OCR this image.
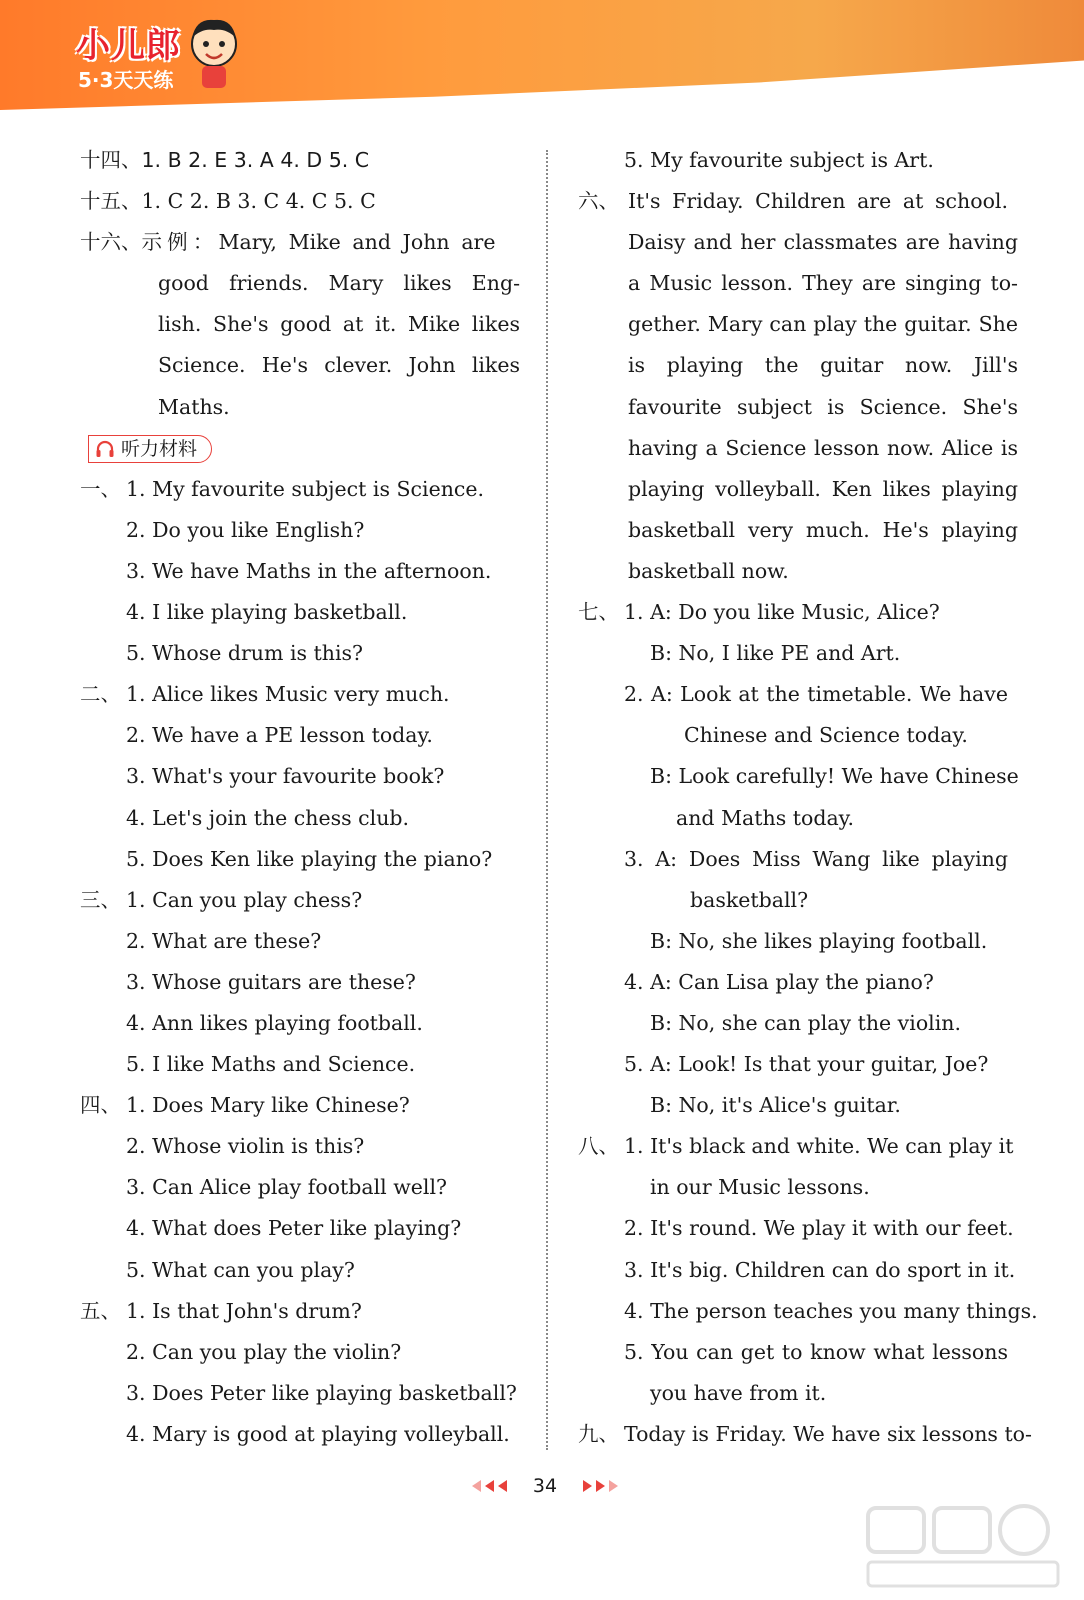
小儿郎
5·3天天练
十四、1. B 2. E 3. A 4. D 5. C
十五、1. C 2. B 3. C 4. C 5. C
十六、示例：Mary, Mike and John are
good friends. Mary likes Eng-
lish. She's good at it. Mike likes
Science. He's clever. John likes
Maths.
听力材料
一、 1. My favourite subject is Science.
2. Do you like English?
3. We have Maths in the afternoon.
4. I like playing basketball.
5. Whose drum is this?
二、 1. Alice likes Music very much.
2. We have a PE lesson today.
3. What's your favourite book?
4. Let's join the chess club.
5. Does Ken like playing the piano?
三、 1. Can you play chess?
2. What are these?
3. Whose guitars are these?
4. Ann likes playing football.
5. I like Maths and Science.
四、 1. Does Mary like Chinese?
2. Whose violin is this?
3. Can Alice play football well?
4. What does Peter like playing?
5. What can you play?
五、 1. Is that John's drum?
2. Can you play the violin?
3. Does Peter like playing basketball?
4. Mary is good at playing volleyball.
5. My favourite subject is Art.
六、 It's Friday. Children are at school.
Daisy and her classmates are having
a Music lesson. They are singing to-
gether. Mary can play the guitar. She
is playing the guitar now. Jill's
favourite subject is Science. She's
having a Science lesson now. Alice is
playing volleyball. Ken likes playing
basketball very much. He's playing
basketball now.
七、 1. A: Do you like Music, Alice?
B: No, I like PE and Art.
2. A: Look at the timetable. We have
Chinese and Science today.
B: Look carefully! We have Chinese
and Maths today.
3. A: Does Miss Wang like playing
basketball?
B: No, she likes playing football.
4. A: Can Lisa play the piano?
B: No, she can play the violin.
5. A: Look! Is that your guitar, Joe?
B: No, it's Alice's guitar.
八、 1. It's black and white. We can play it
in our Music lessons.
2. It's round. We play it with our feet.
3. It's big. Children can do sport in it.
4. The person teaches you many things.
5. You can get to know what lessons
you have from it.
九、 Today is Friday. We have six lessons to-
34
